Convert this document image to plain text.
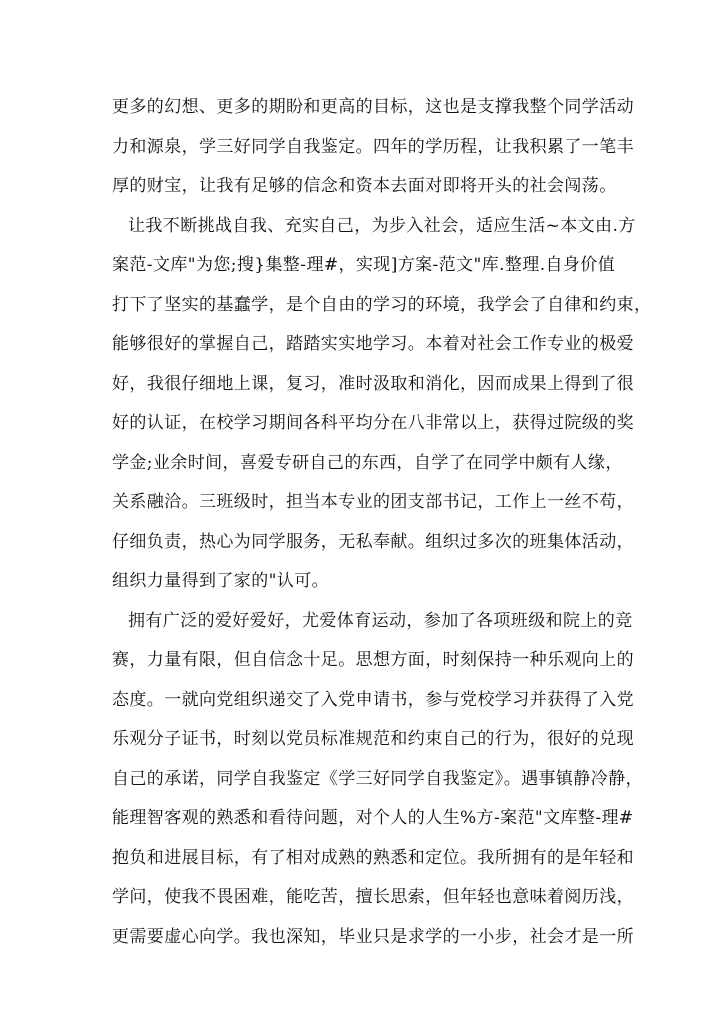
更多的幻想、更多的期盼和更高的目标，这也是支撑我整个同学活动
力和源泉，学三好同学自我鉴定。四年的学历程，让我积累了一笔丰
厚的财宝，让我有足够的信念和资本去面对即将开头的社会闯荡。
让我不断挑战自我、充实自己，为步入社会，适应生活~本文由.方
案范-文库"为您;搜}集整-理#，实现]方案-范文"库.整理.自身价值
打下了坚实的基蠢学，是个自由的学习的环境，我学会了自律和约束，
能够很好的掌握自己，踏踏实实地学习。本着对社会工作专业的极爱
好，我很仔细地上课，复习，准时汲取和消化，因而成果上得到了很
好的认证，在校学习期间各科平均分在八非常以上，获得过院级的奖
学金;业余时间，喜爱专研自己的东西，自学了在同学中颇有人缘，
关系融洽。三班级时，担当本专业的团支部书记，工作上一丝不苟，
仔细负责，热心为同学服务，无私奉献。组织过多次的班集体活动，
组织力量得到了家的"认可。
拥有广泛的爱好爱好，尤爱体育运动，参加了各项班级和院上的竞
赛，力量有限，但自信念十足。思想方面，时刻保持一种乐观向上的
态度。一就向党组织递交了入党申请书，参与党校学习并获得了入党
乐观分子证书，时刻以党员标准规范和约束自己的行为，很好的兑现
自己的承诺，同学自我鉴定《学三好同学自我鉴定》。遇事镇静冷静，
能理智客观的熟悉和看待问题，对个人的人生%方-案范"文库整-理#
抱负和进展目标，有了相对成熟的熟悉和定位。我所拥有的是年轻和
学问，使我不畏困难，能吃苦，擅长思索，但年轻也意味着阅历浅，
更需要虚心向学。我也深知，毕业只是求学的一小步，社会才是一所
